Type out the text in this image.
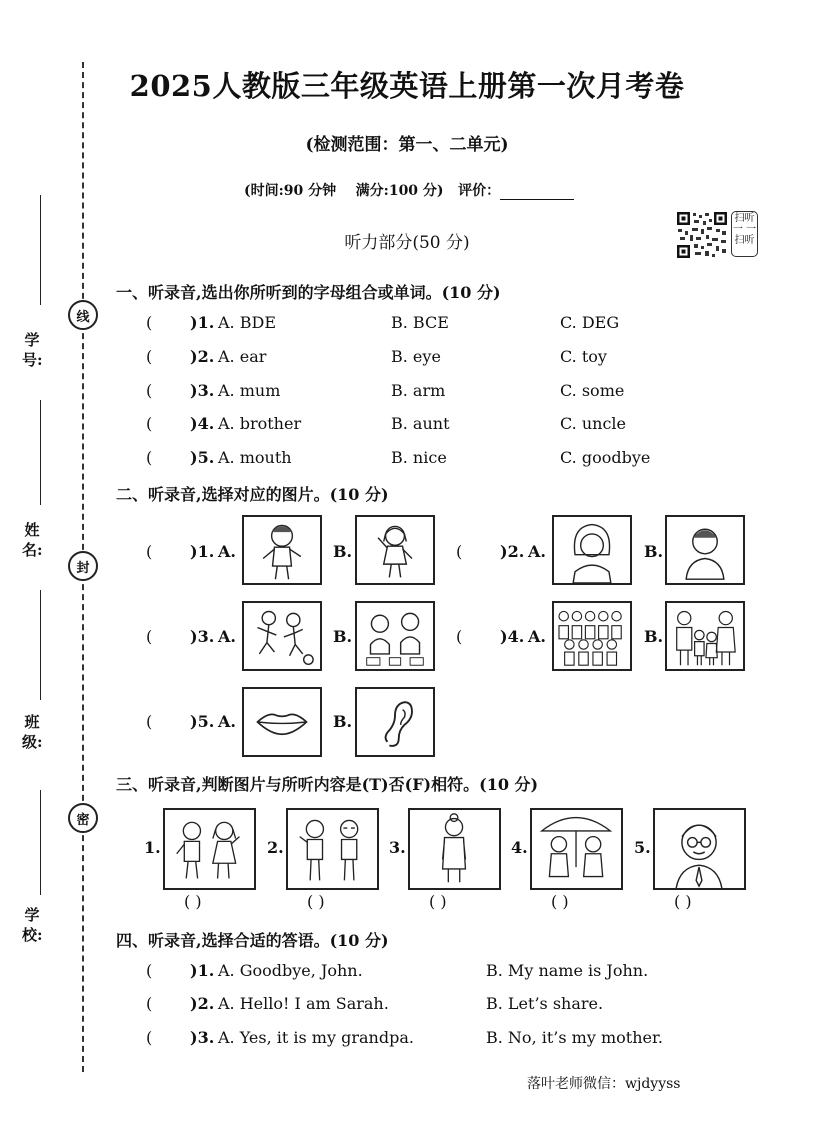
学号:
姓名:
班级:
学校:
线
封
密
2025人教版三年级英语上册第一次月考卷
(检测范围：第一、二单元)
(时间:90 分钟 满分:100 分) 评价：
听力部分(50 分)
扫听
一 一
扫听
一、听录音,选出你所听到的字母组合或单词。(10 分)
( )1. A. BDE	B. BCE	C. DEG
( )2. A. ear	B. eye	C. toy
( )3. A. mum	B. arm	C. some
( )4. A. brother	B. aunt	C. uncle
( )5. A. mouth	B. nice	C. goodbye
二、听录音,选择对应的图片。(10 分)
( )1. A.	B.	( )2. A.	B.
( )3. A.	B.	( )4. A.	B.
( )5. A.	B.
三、听录音,判断图片与所听内容是(T)否(F)相符。(10 分)
1.	2.	3.	4.	5.
( )	( )	( )	( )	( )
四、听录音,选择合适的答语。(10 分)
( )1. A. Goodbye, John.	B. My name is John.
( )2. A. Hello! I am Sarah.	B. Let’s share.
( )3. A. Yes, it is my grandpa.	B. No, it’s my mother.
落叶老师微信：wjdyyss
